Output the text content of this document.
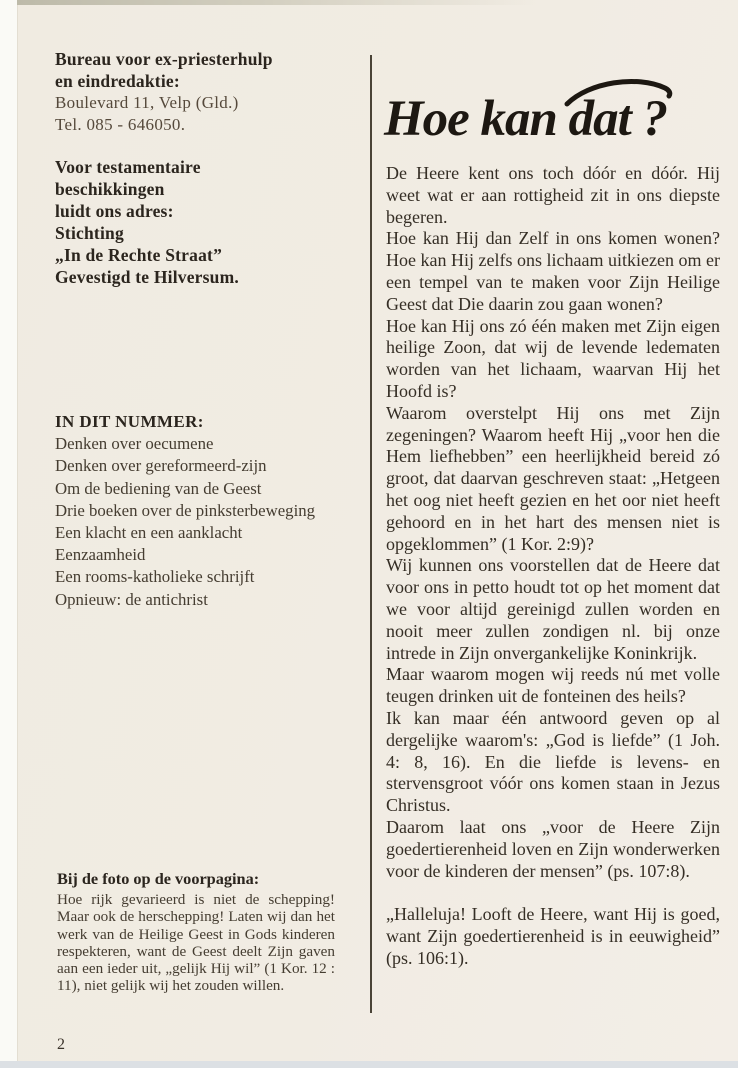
Bureau voor ex-priesterhulp
en eindredaktie:
Boulevard 11, Velp (Gld.)
Tel. 085 - 646050.
Voor testamentaire
beschikkingen
luidt ons adres:
Stichting
„In de Rechte Straat”
Gevestigd te Hilversum.
IN DIT NUMMER:
Denken over oecumene
Denken over gereformeerd-zijn
Om de bediening van de Geest
Drie boeken over de pinksterbeweging
Een klacht en een aanklacht
Eenzaamheid
Een rooms-katholieke schrijft
Opnieuw: de antichrist
Bij de foto op de voorpagina:
Hoe rijk gevarieerd is niet de schepping! Maar ook de herschepping! Laten wij dan het werk van de Heilige Geest in Gods kinderen respekteren, want de Geest deelt Zijn gaven aan een ieder uit, „gelijk Hij wil” (1 Kor. 12 : 11), niet gelijk wij het zouden willen.
2
Hoe kan
dat ?

De Heere kent ons toch dóór en dóór. Hij weet wat er aan rottigheid zit in ons diepste begeren.

Hoe kan Hij dan Zelf in ons komen wonen? Hoe kan Hij zelfs ons lichaam uitkiezen om er een tempel van te maken voor Zijn Heilige Geest dat Die daarin zou gaan wonen?

Hoe kan Hij ons zó één maken met Zijn eigen heilige Zoon, dat wij de levende ledematen worden van het lichaam, waarvan Hij het Hoofd is?

Waarom overstelpt Hij ons met Zijn zegeningen? Waarom heeft Hij „voor hen die Hem liefhebben” een heerlijkheid bereid zó groot, dat daarvan geschreven staat: „Hetgeen het oog niet heeft gezien en het oor niet heeft gehoord en in het hart des mensen niet is opgeklommen” (1 Kor. 2:9)?

Wij kunnen ons voorstellen dat de Heere dat voor ons in petto houdt tot op het moment dat we voor altijd gereinigd zullen worden en nooit meer zullen zondigen nl. bij onze intrede in Zijn onvergankelijke Koninkrijk.

Maar waarom mogen wij reeds nú met volle teugen drinken uit de fonteinen des heils?

Ik kan maar één antwoord geven op al dergelijke waarom's: „God is liefde” (1 Joh. 4: 8, 16). En die liefde is levens- en stervensgroot vóór ons komen staan in Jezus Christus.

Daarom laat ons „voor de Heere Zijn goedertierenheid loven en Zijn wonderwerken voor de kinderen der mensen” (ps. 107:8).

„Halleluja! Looft de Heere, want Hij is goed, want Zijn goedertierenheid is in eeuwigheid” (ps. 106:1).
